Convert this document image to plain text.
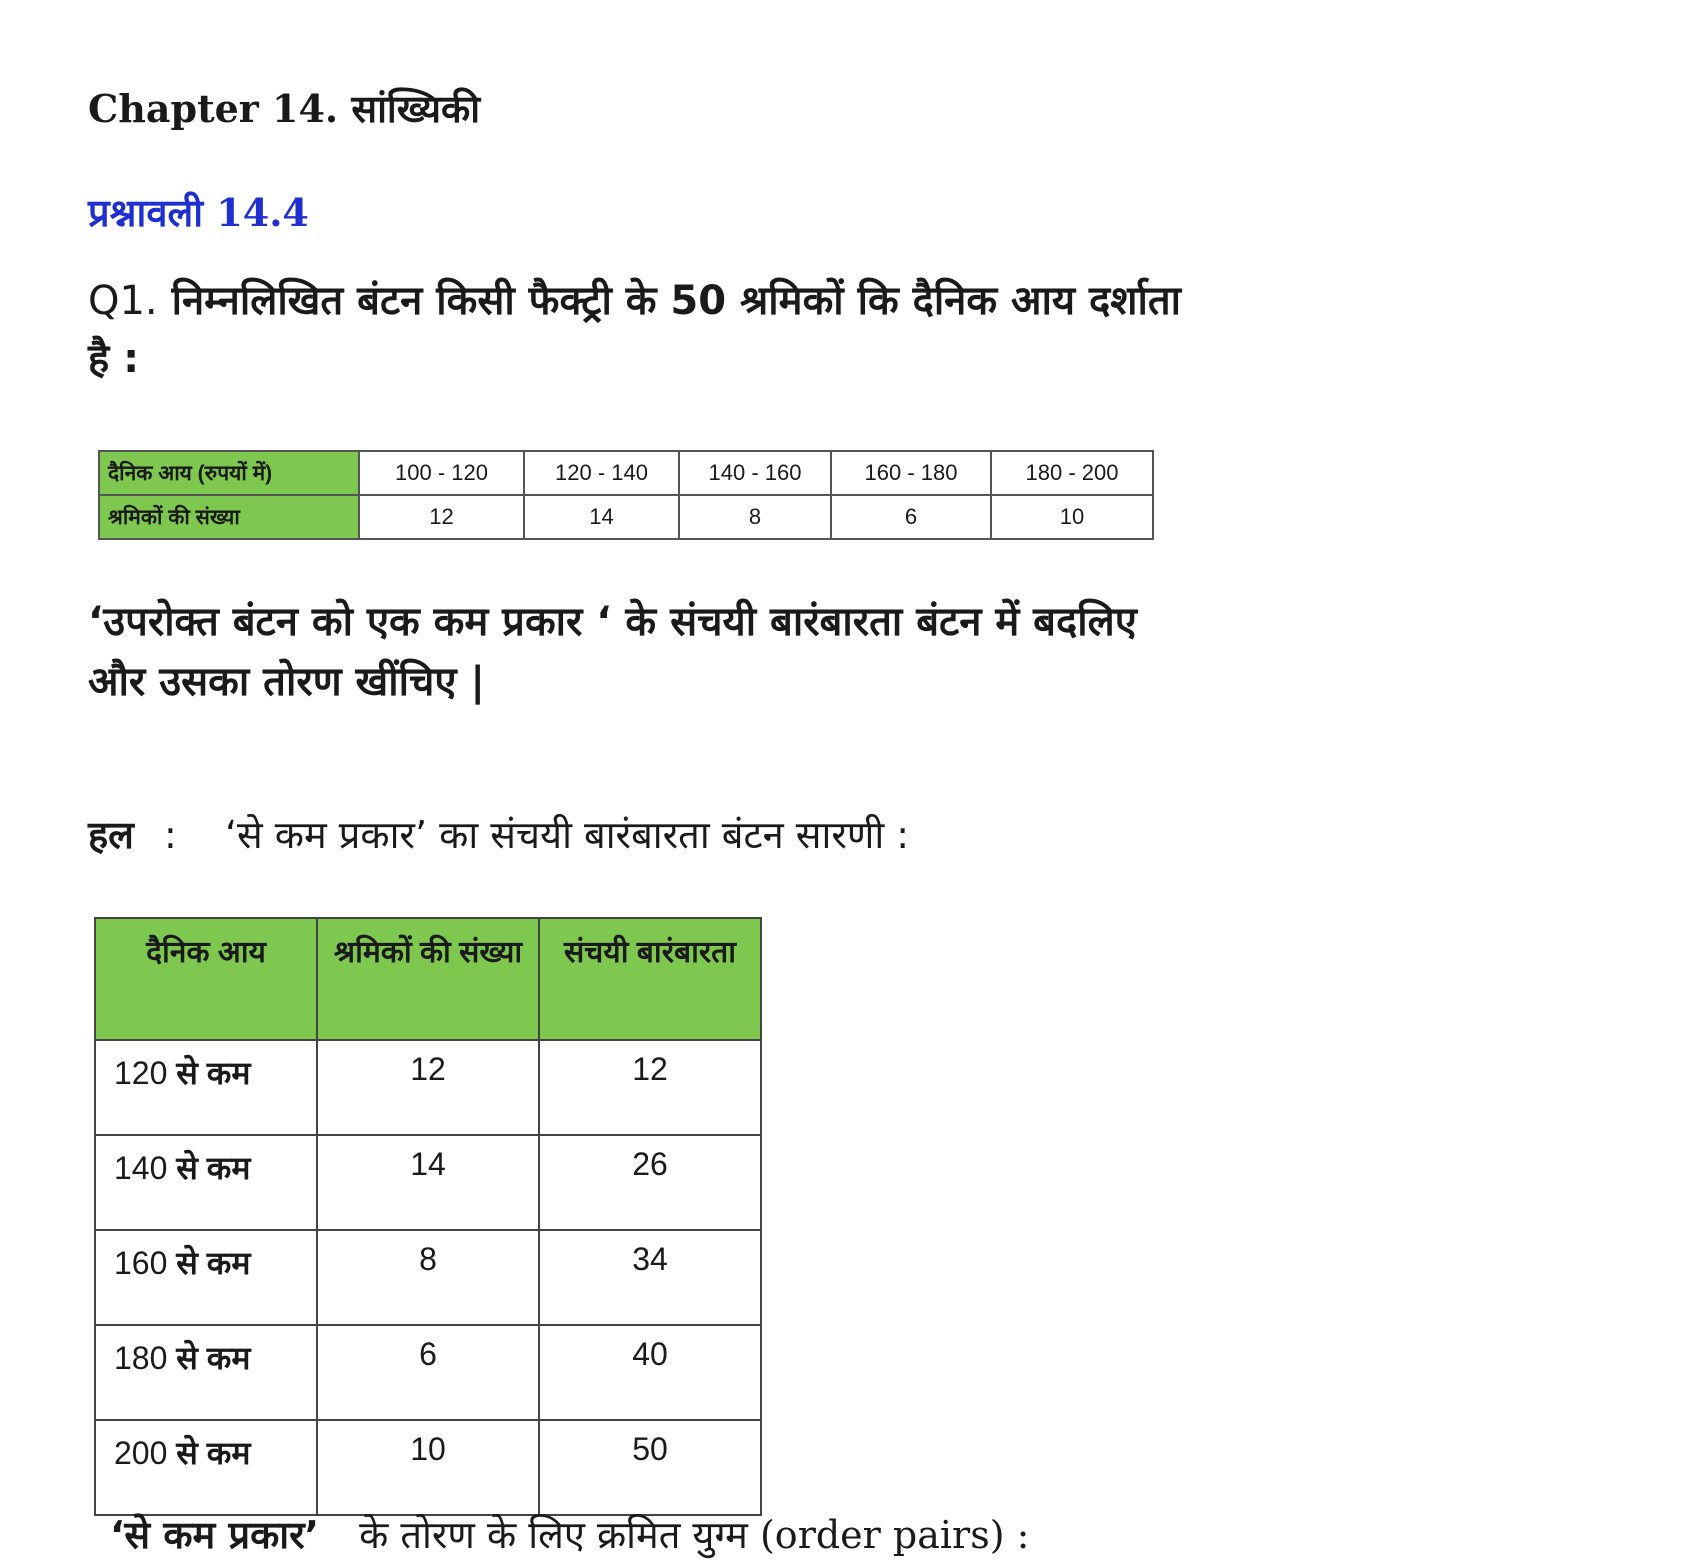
Chapter 14. सांख्यिकी
प्रश्नावली 14.4
Q1. निम्नलिखित बंटन किसी फैक्ट्री के 50 श्रमिकों कि दैनिक आय दर्शाता है :
दैनिक आय (रुपयों में)	100 - 120	120 - 140	140 - 160	160 - 180	180 - 200
श्रमिकों की संख्या	12	14	8	6	10
‘उपरोक्त बंटन को एक कम प्रकार ‘ के संचयी बारंबारता बंटन में बदलिए और उसका तोरण खींचिए |
हल : ‘से कम प्रकार’ का संचयी बारंबारता बंटन सारणी :
दैनिक आय	श्रमिकों की संख्या	संचयी बारंबारता
120 से कम	12	12
140 से कम	14	26
160 से कम	8	34
180 से कम	6	40
200 से कम	10	50
‘से कम प्रकार’ के तोरण के लिए क्रमित युग्म (order pairs) :
